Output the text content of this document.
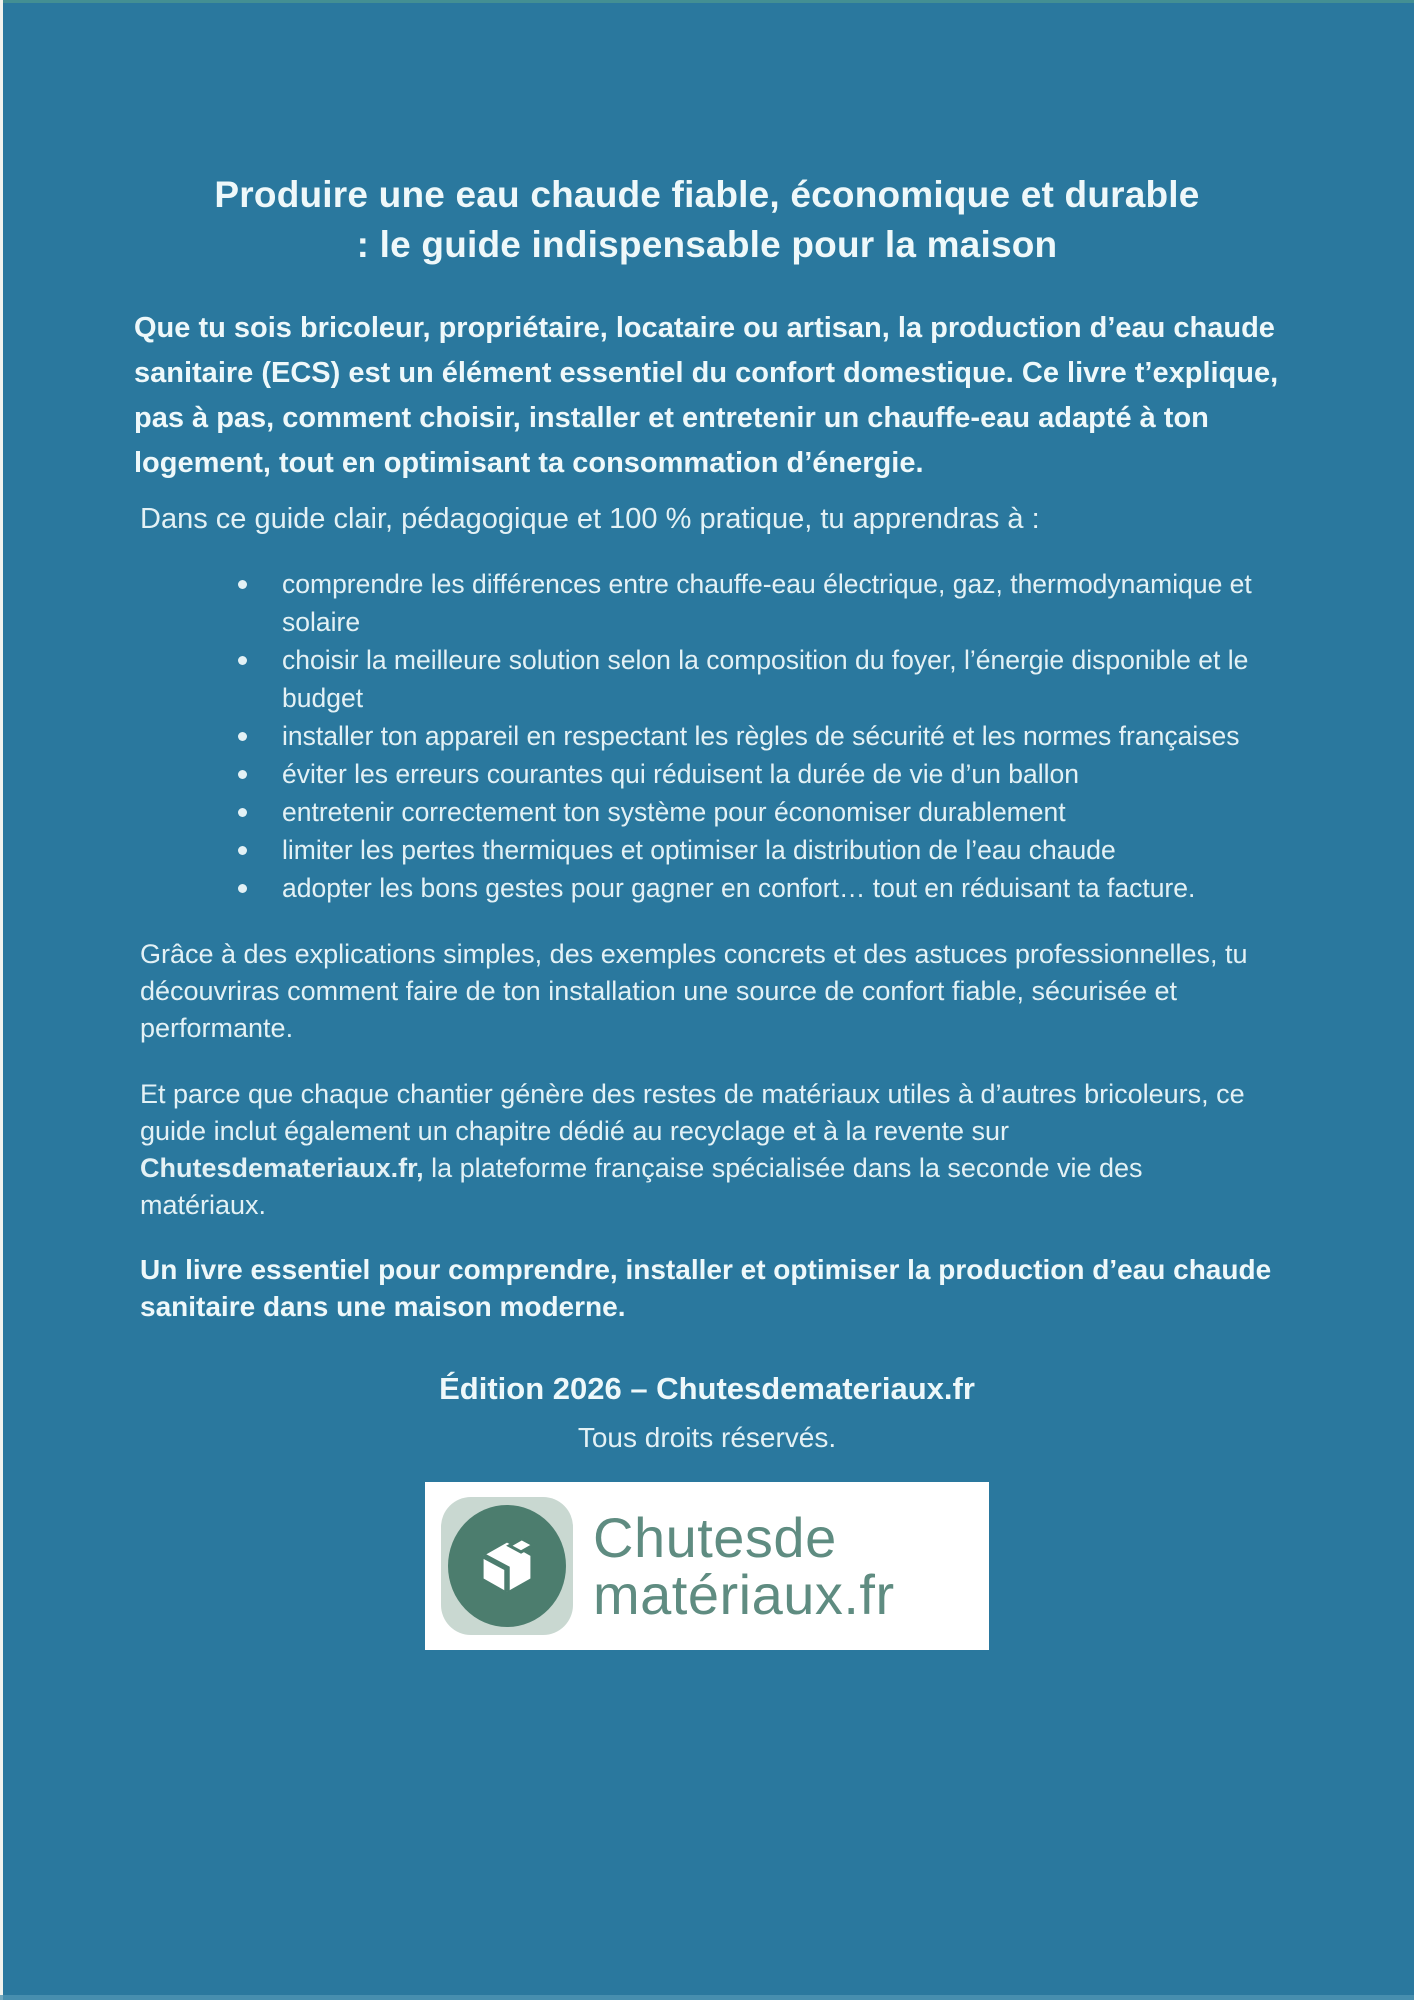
Produire une eau chaude fiable, économique et durable
: le guide indispensable pour la maison

Que tu sois bricoleur, propriétaire, locataire ou artisan, la production d’eau chaude sanitaire (ECS) est un élément essentiel du confort domestique. Ce livre t’explique, pas à pas, comment choisir, installer et entretenir un chauffe-eau adapté à ton logement, tout en optimisant ta consommation d’énergie.

Dans ce guide clair, pédagogique et 100 % pratique, tu apprendras à :

comprendre les différences entre chauffe-eau électrique, gaz, thermodynamique et solaire
choisir la meilleure solution selon la composition du foyer, l’énergie disponible et le budget
installer ton appareil en respectant les règles de sécurité et les normes françaises
éviter les erreurs courantes qui réduisent la durée de vie d’un ballon
entretenir correctement ton système pour économiser durablement
limiter les pertes thermiques et optimiser la distribution de l’eau chaude
adopter les bons gestes pour gagner en confort… tout en réduisant ta facture.

Grâce à des explications simples, des exemples concrets et des astuces professionnelles, tu découvriras comment faire de ton installation une source de confort fiable, sécurisée et performante.

Et parce que chaque chantier génère des restes de matériaux utiles à d’autres bricoleurs, ce guide inclut également un chapitre dédié au recyclage et à la revente sur Chutesdemateriaux.fr, la plateforme française spécialisée dans la seconde vie des matériaux.

Un livre essentiel pour comprendre, installer et optimiser la production d’eau chaude sanitaire dans une maison moderne.

Édition 2026 – Chutesdemateriaux.fr

Tous droits réservés.

Chutesde
matériaux.fr
